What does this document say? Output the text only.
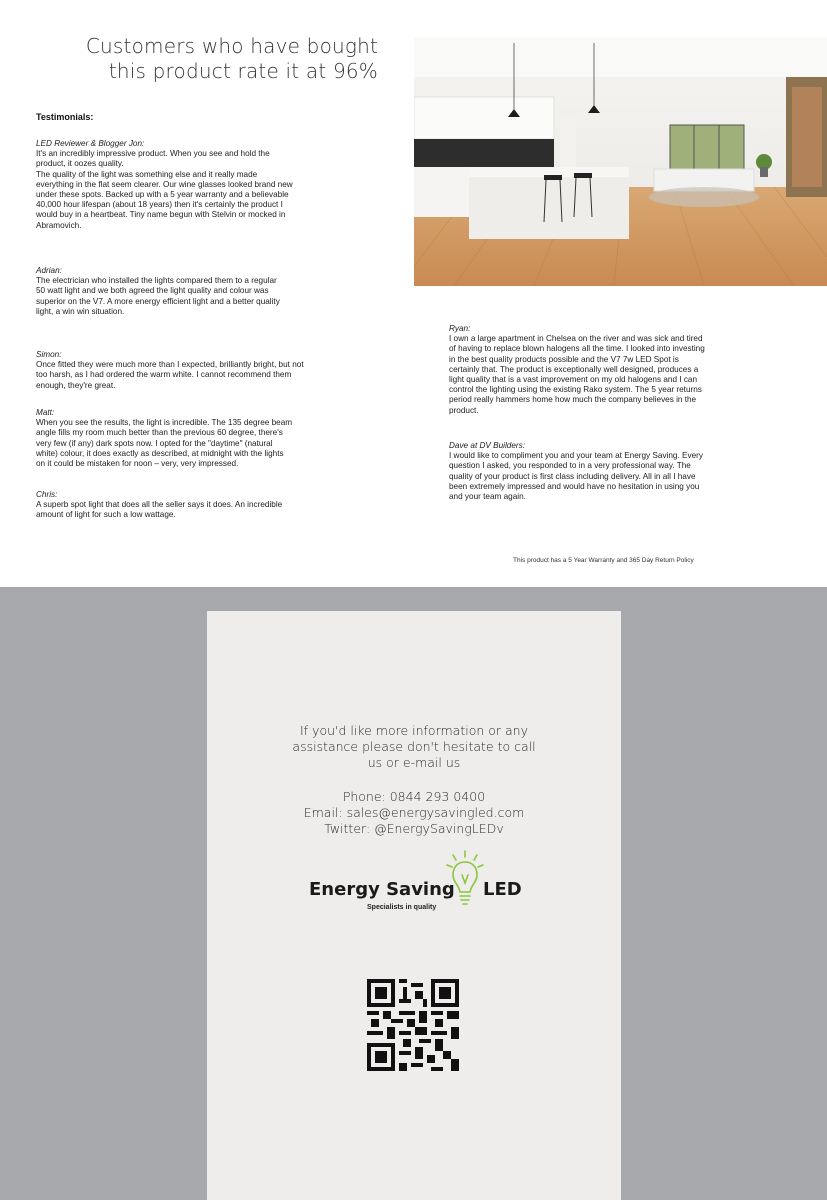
Customers who have bought
this product rate it at 96%
Testimonials:
LED Reviewer & Blogger Jon:
It's an incredibly impressive product. When you see and hold the
product, it oozes quality.
The quality of the light was something else and it really made
everything in the flat seem clearer. Our wine glasses looked brand new
under these spots. Backed up with a 5 year warranty and a believable
40,000 hour lifespan (about 18 years) then it's certainly the product I
would buy in a heartbeat. Tiny name begun with Stelvin or mocked in
Abramovich.
Adrian:
The electrician who installed the lights compared them to a regular
50 watt light and we both agreed the light quality and colour was
superior on the V7. A more energy efficient light and a better quality
light, a win win situation.
Simon:
Once fitted they were much more than I expected, brilliantly bright, but not
too harsh, as I had ordered the warm white. I cannot recommend them
enough, they're great.
Matt:
When you see the results, the light is incredible. The 135 degree beam
angle fills my room much better than the previous 60 degree, there's
very few (if any) dark spots now. I opted for the "daytime" (natural
white) colour, it does exactly as described, at midnight with the lights
on it could be mistaken for noon – very, very impressed.
Chris:
A superb spot light that does all the seller says it does. An incredible
amount of light for such a low wattage.
Ryan:
I own a large apartment in Chelsea on the river and was sick and tired
of having to replace blown halogens all the time. I looked into investing
in the best quality products possible and the V7 7w LED Spot is
certainly that. The product is exceptionally well designed, produces a
light quality that is a vast improvement on my old halogens and I can
control the lighting using the existing Rako system. The 5 year returns
period really hammers home how much the company believes in the
product.
Dave at DV Builders:
I would like to compliment you and your team at Energy Saving. Every
question I asked, you responded to in a very professional way. The
quality of your product is first class including delivery. All in all I have
been extremely impressed and would have no hesitation in using you
and your team again.
This product has a 5 Year Warranty and 365 Day Return Policy
If you'd like more information or any
assistance please don't hesitate to call
us or e-mail us
Phone: 0844 293 0400
Email: sales@energysavingled.com
Twitter: @EnergySavingLEDv
Energy Saving LED
Specialists in quality
